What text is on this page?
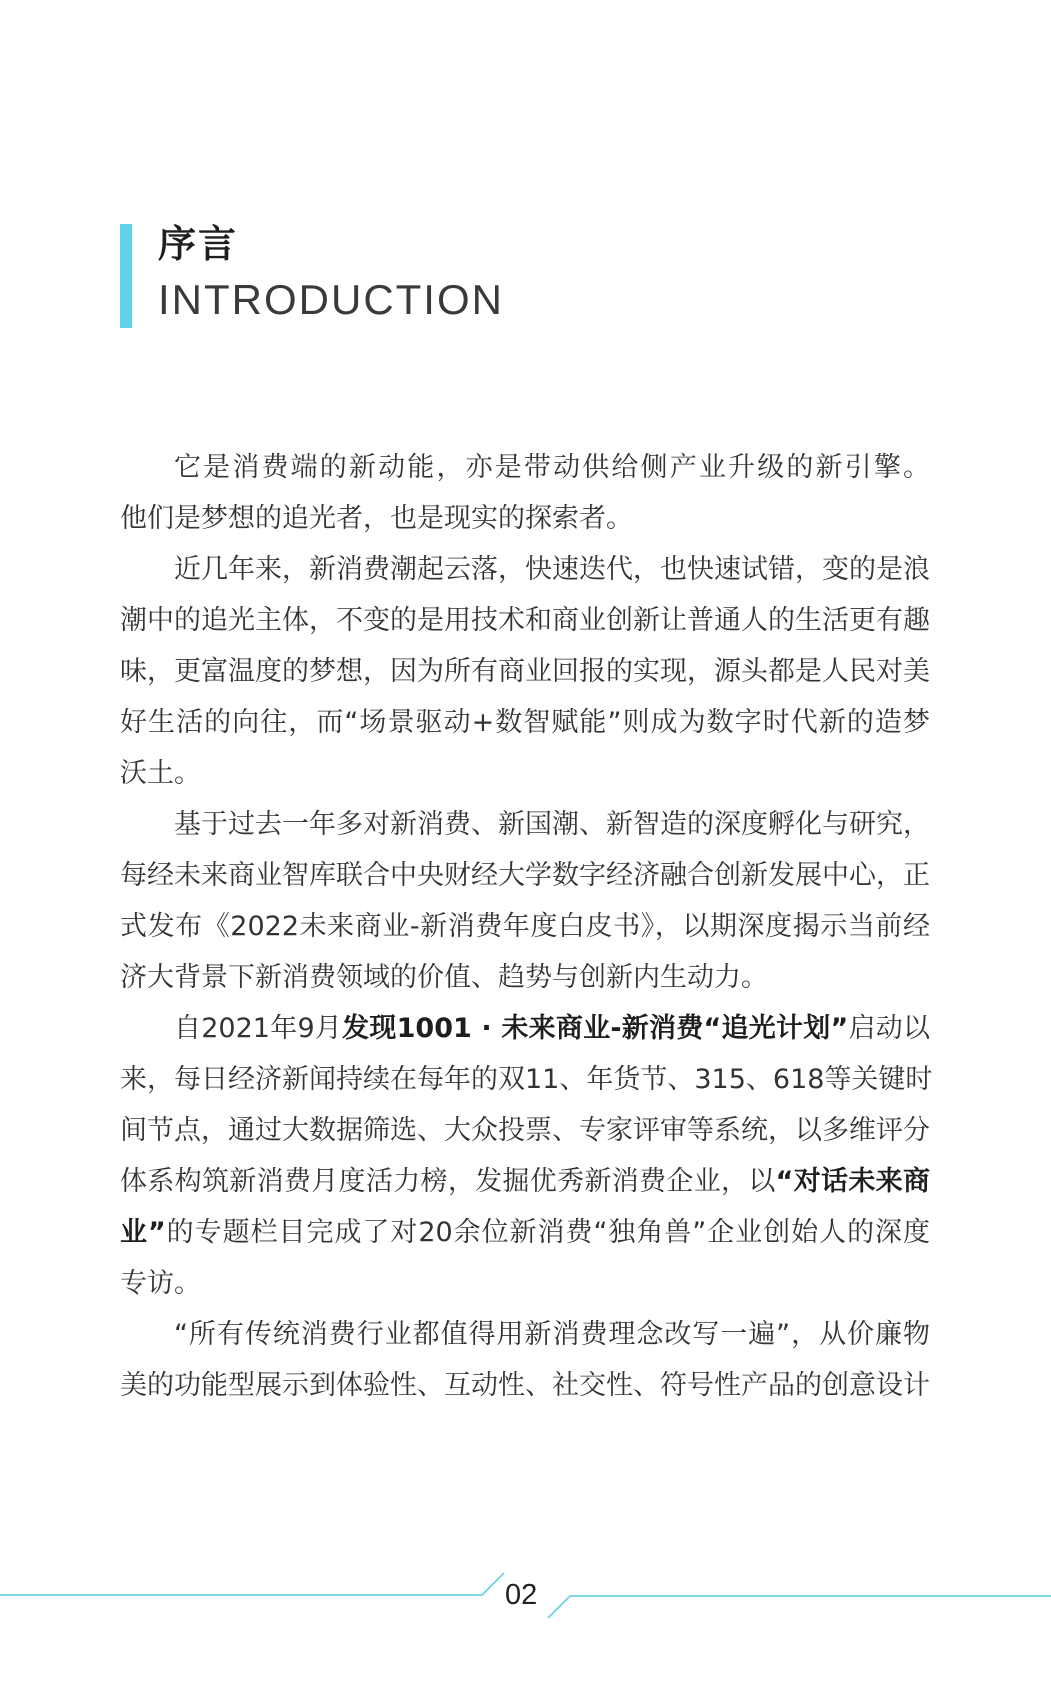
序言
INTRODUCTION
它是消费端的新动能，亦是带动供给侧产业升级的新引擎。
他们是梦想的追光者，也是现实的探索者。
近几年来，新消费潮起云落，快速迭代，也快速试错，变的是浪
潮中的追光主体，不变的是用技术和商业创新让普通人的生活更有趣
味，更富温度的梦想，因为所有商业回报的实现，源头都是人民对美
好生活的向往，而“场景驱动+数智赋能”则成为数字时代新的造梦
沃土。
基于过去一年多对新消费、新国潮、新智造的深度孵化与研究，
每经未来商业智库联合中央财经大学数字经济融合创新发展中心，正
式发布《2022未来商业-新消费年度白皮书》，以期深度揭示当前经
济大背景下新消费领域的价值、趋势与创新内生动力。
自2021年9月发现1001 · 未来商业-新消费“追光计划”启动以
来，每日经济新闻持续在每年的双11、年货节、315、618等关键时
间节点，通过大数据筛选、大众投票、专家评审等系统，以多维评分
体系构筑新消费月度活力榜，发掘优秀新消费企业，以“对话未来商
业”的专题栏目完成了对20余位新消费“独角兽”企业创始人的深度
专访。
“所有传统消费行业都值得用新消费理念改写一遍”，从价廉物
美的功能型展示到体验性、互动性、社交性、符号性产品的创意设计
02
